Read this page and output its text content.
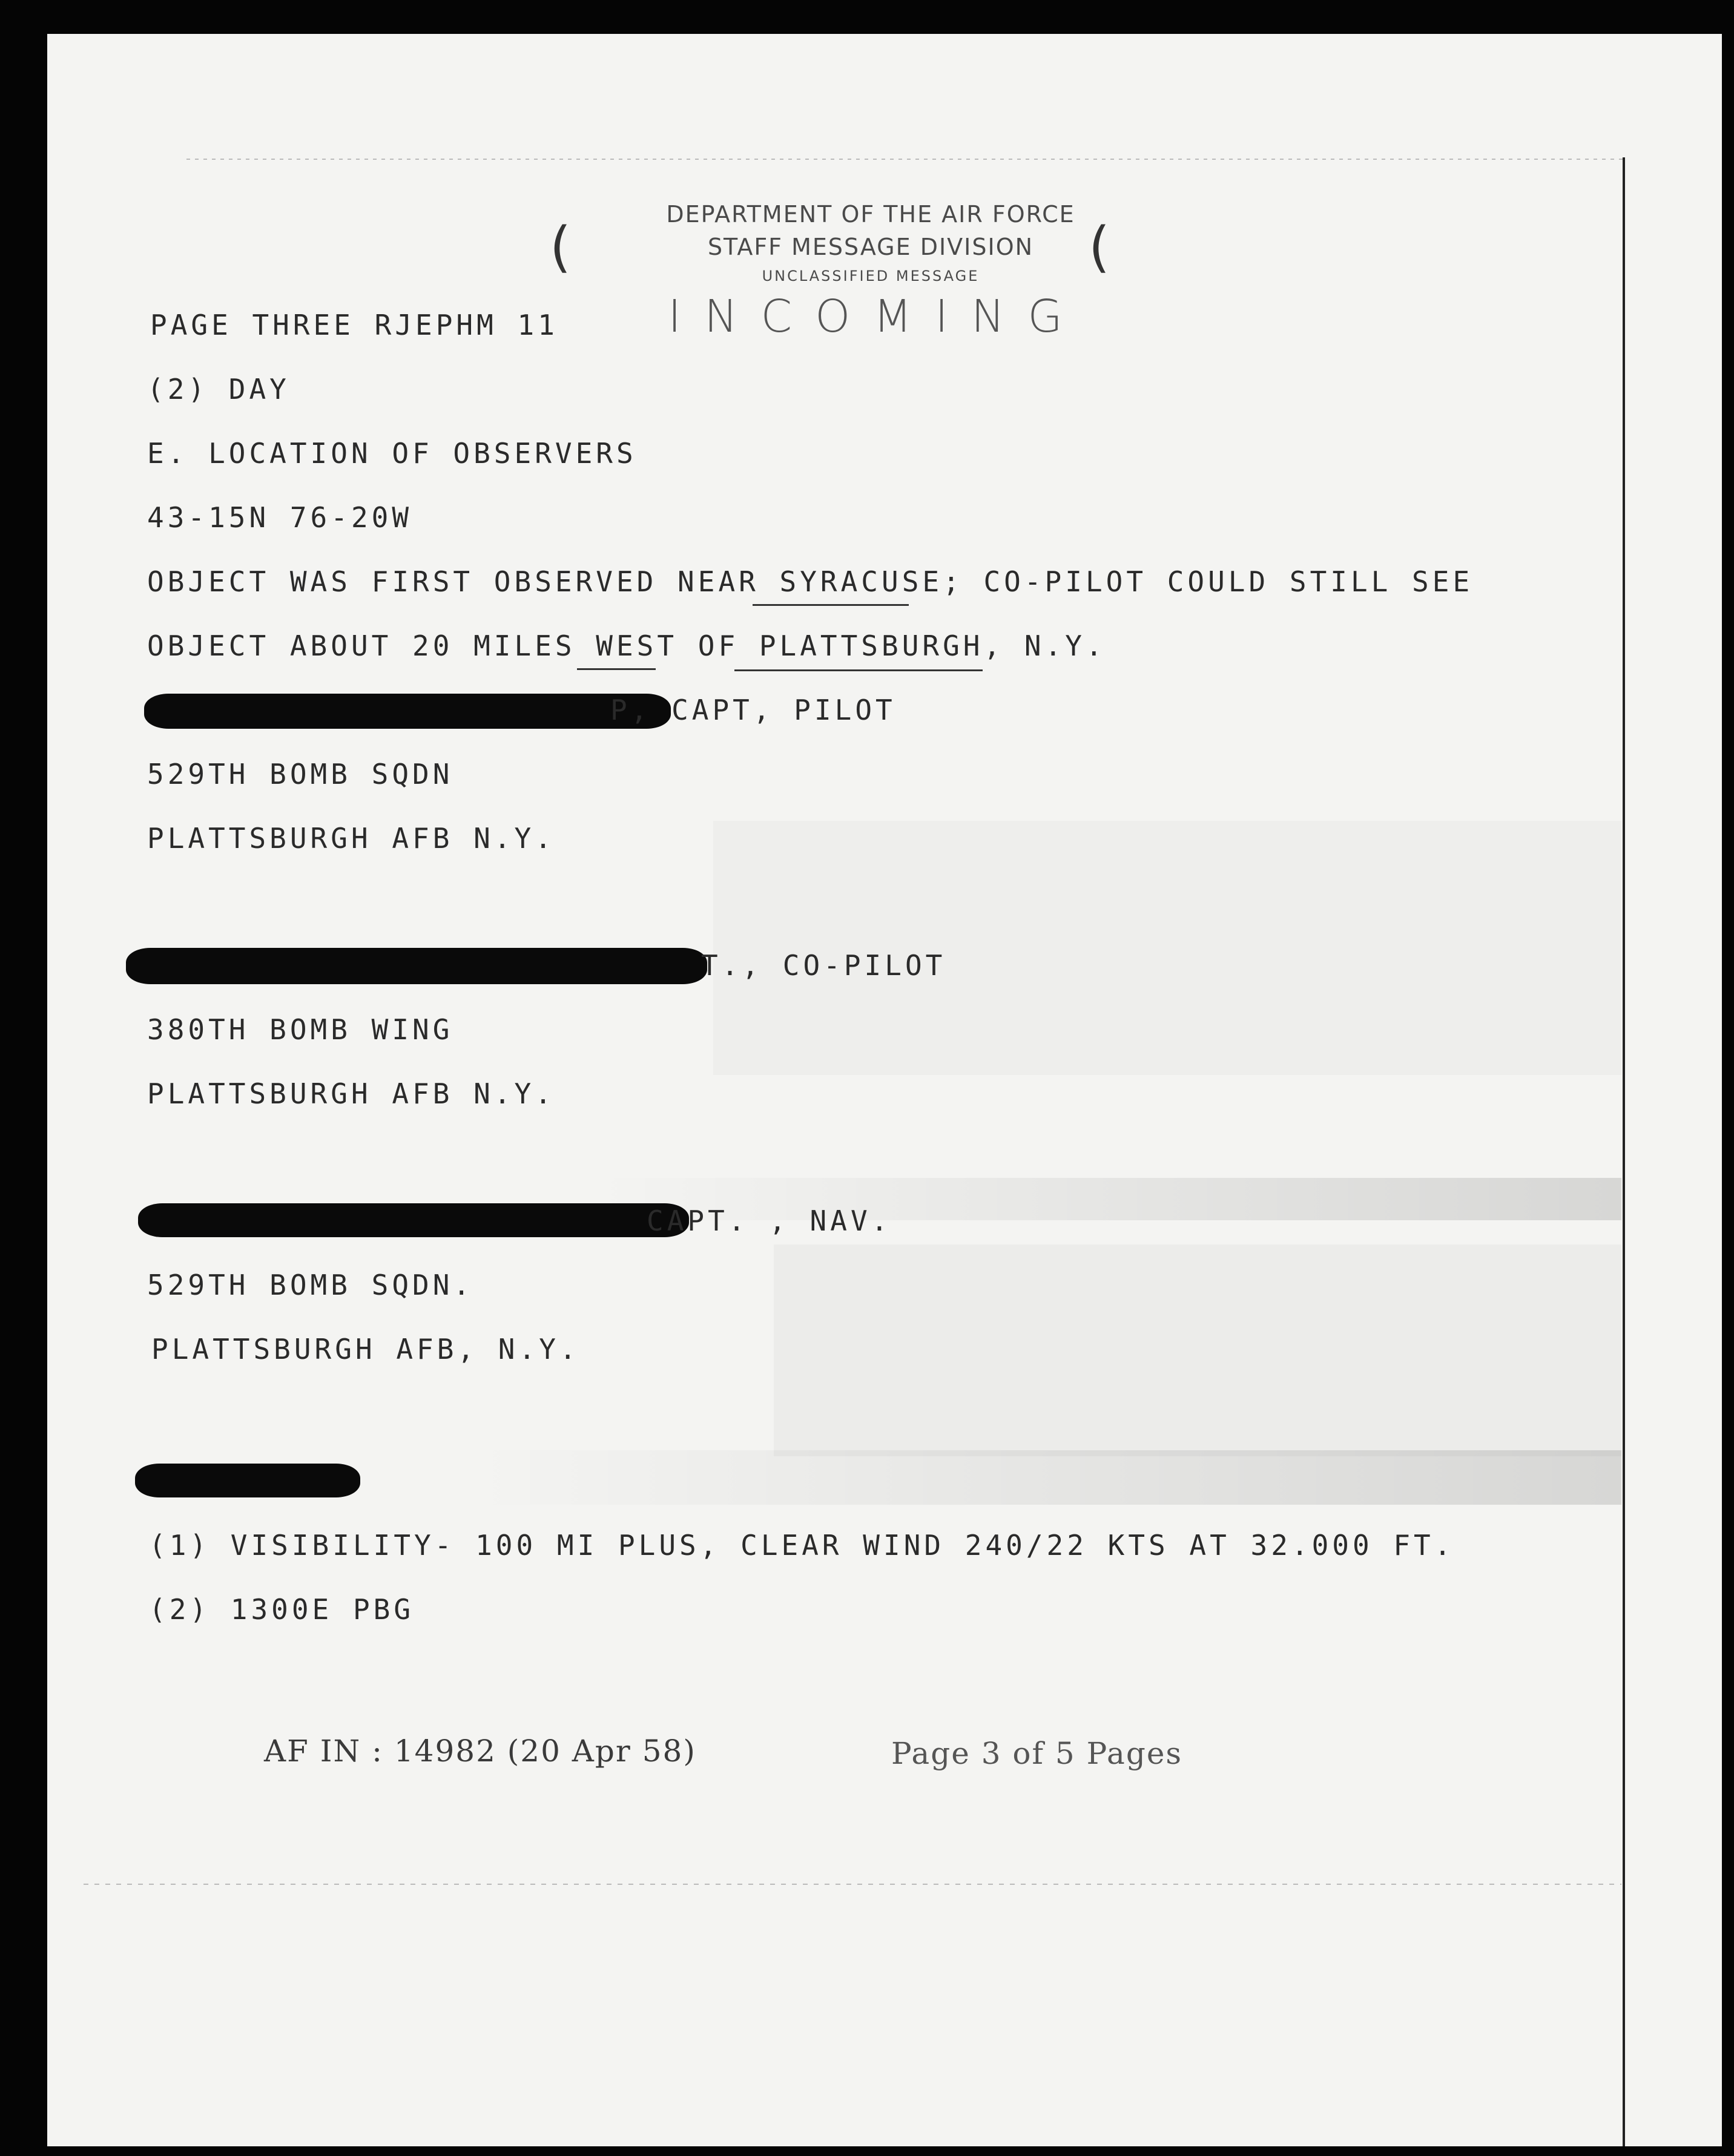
(	(
DEPARTMENT OF THE AIR FORCE
STAFF MESSAGE DIVISION
UNCLASSIFIED MESSAGE
INCOMING
PAGE THREE RJEPHM 11
(2) DAY
E. LOCATION OF OBSERVERS
43-15N 76-20W
OBJECT WAS FIRST OBSERVED NEAR SYRACUSE; CO-PILOT COULD STILL SEE
OBJECT ABOUT 20 MILES WEST OF PLATTSBURGH, N.Y.
P, CAPT, PILOT
529TH BOMB SQDN
PLATTSBURGH AFB N.Y.
T., CO-PILOT
380TH BOMB WING
PLATTSBURGH AFB N.Y.
CAPT. , NAV.
529TH BOMB SQDN.
PLATTSBURGH AFB, N.Y.
(1) VISIBILITY- 100 MI PLUS, CLEAR WIND 240/22 KTS AT 32.000 FT.
(2) 1300E PBG
AF IN : 14982 (20 Apr 58)	Page 3 of 5 Pages
